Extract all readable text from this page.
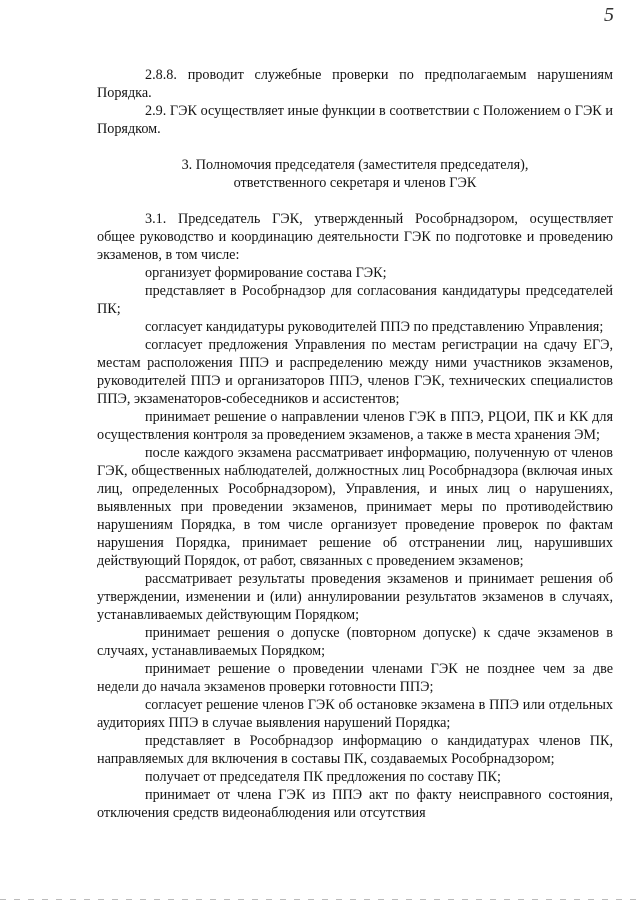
5

2.8.8. проводит служебные проверки по предполагаемым нарушениям Порядка.

2.9. ГЭК осуществляет иные функции в соответствии с Положением о ГЭК и Порядком.

3. Полномочия председателя (заместителя председателя),
ответственного секретаря и членов ГЭК

3.1. Председатель ГЭК, утвержденный Рособрнадзором, осуществляет общее руководство и координацию деятельности ГЭК по подготовке и проведению экзаменов, в том числе:

организует формирование состава ГЭК;

представляет в Рособрнадзор для согласования кандидатуры председателей ПК;

согласует кандидатуры руководителей ППЭ по представлению Управления;

согласует предложения Управления по местам регистрации на сдачу ЕГЭ, местам расположения ППЭ и распределению между ними участников экзаменов, руководителей ППЭ и организаторов ППЭ, членов ГЭК, технических специалистов ППЭ, экзаменаторов-собеседников и ассистентов;

принимает решение о направлении членов ГЭК в ППЭ, РЦОИ, ПК и КК для осуществления контроля за проведением экзаменов, а также в места хранения ЭМ;

после каждого экзамена рассматривает информацию, полученную от членов ГЭК, общественных наблюдателей, должностных лиц Рособрнадзора (включая иных лиц, определенных Рособрнадзором), Управления, и иных лиц о нарушениях, выявленных при проведении экзаменов, принимает меры по противодействию нарушениям Порядка, в том числе организует проведение проверок по фактам нарушения Порядка, принимает решение об отстранении лиц, нарушивших действующий Порядок, от работ, связанных с проведением экзаменов;

рассматривает результаты проведения экзаменов и принимает решения об утверждении, изменении и (или) аннулировании результатов экзаменов в случаях, устанавливаемых действующим Порядком;

принимает решения о допуске (повторном допуске) к сдаче экзаменов в случаях, устанавливаемых Порядком;

принимает решение о проведении членами ГЭК не позднее чем за две недели до начала экзаменов проверки готовности ППЭ;

согласует решение членов ГЭК об остановке экзамена в ППЭ или отдельных аудиториях ППЭ в случае выявления нарушений Порядка;

представляет в Рособрнадзор информацию о кандидатурах членов ПК, направляемых для включения в составы ПК, создаваемых Рособрнадзором;

получает от председателя ПК предложения по составу ПК;

принимает от члена ГЭК из ППЭ акт по факту неисправного состояния, отключения средств видеонаблюдения или отсутствия
